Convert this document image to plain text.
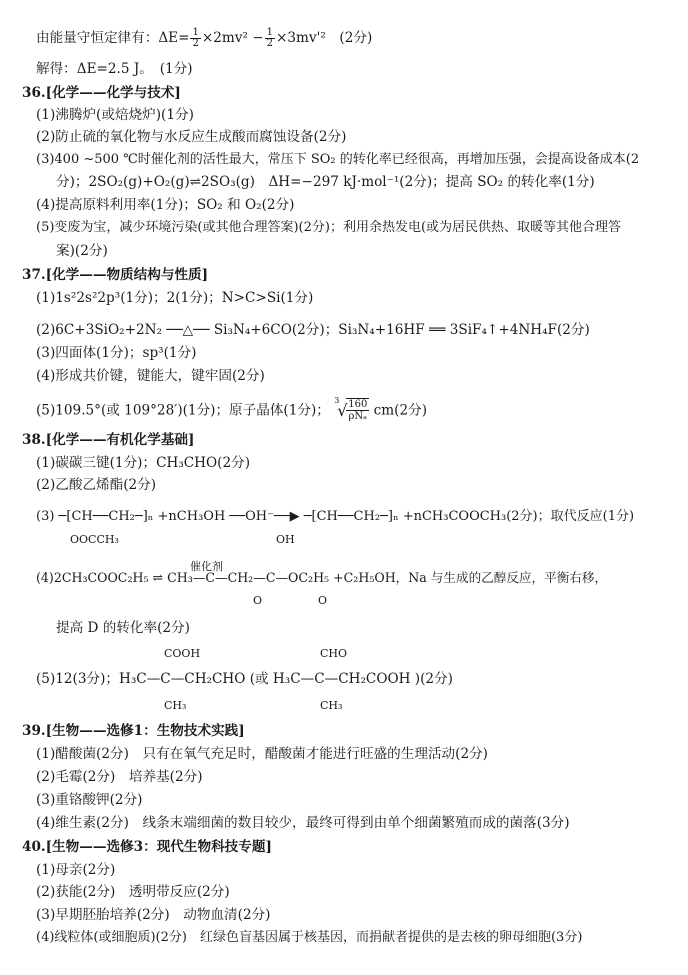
由能量守恒定律有：$\Delta E= \frac{1}{2} \times 2mv^2 - \frac{1}{2} \times 3mv'^2$　(2分)
解得：ΔE=2.5 J。　(1分)
36.[化学——化学与技术]
(1)沸腾炉(或焙烧炉)(1分)
(2)防止硫的氧化物与水反应生成酸而腐蚀设备(2分)
(3)400 ~500 ℃时催化剂的活性最大，常压下 SO₂ 的转化率已经很高，再增加压强，会提高设备成本(2
分)；2SO₂(g)+O₂(g)⇌2SO₃(g)　ΔH=−297 kJ·mol⁻¹(2分)；提高 SO₂ 的转化率(1分)
(4)提高原料利用率(1分)；SO₂ 和 O₂(2分)
(5)变废为宝，减少环境污染(或其他合理答案)(2分)；利用余热发电(或为居民供热、取暖等其他合理答
案)(2分)
37.[化学——物质结构与性质]
(1)1s²2s²2p³(1分)；2(1分)；N>C>Si(1分)
(2)6C+3SiO₂+2N₂ ──△── Si₃N₄+6CO(2分)；Si₃N₄+16HF ══ 3SiF₄↑+4NH₄F(2分)
(3)四面体(1分)；sp³(1分)
(4)形成共价键，键能大，键牢固(2分)
(5)109.5°(或 109°28′)(1分)；原子晶体(1分)；
3
√ 160
ρNₐ cm(2分)
38.[化学——有机化学基础]
(1)碳碳三键(1分)；CH₃CHO(2分)
(2)乙酸乙烯酯(2分)
(3) ─[CH──CH₂─]ₙ +nCH₃OH ──OH⁻──▶ ─[CH──CH₂─]ₙ +nCH₃COOCH₃(2分)；取代反应(1分)
OOCCH₃	OH
催化剂
(4)2CH₃COOC₂H₅ ⇌ CH₃—C—CH₂—C—OC₂H₅ +C₂H₅OH，Na 与生成的乙醇反应，平衡右移，
O	O
提高 D 的转化率(2分)
COOH	CHO
(5)12(3分)；H₃C—C—CH₂CHO (或 H₃C—C—CH₂COOH )(2分)
CH₃	CH₃
39.[生物——选修1：生物技术实践]
(1)醋酸菌(2分)　只有在氧气充足时，醋酸菌才能进行旺盛的生理活动(2分)
(2)毛霉(2分)　培养基(2分)
(3)重铬酸钾(2分)
(4)维生素(2分)　线条末端细菌的数目较少，最终可得到由单个细菌繁殖而成的菌落(3分)
40.[生物——选修3：现代生物科技专题]
(1)母亲(2分)
(2)获能(2分)　透明带反应(2分)
(3)早期胚胎培养(2分)　动物血清(2分)
(4)线粒体(或细胞质)(2分)　红绿色盲基因属于核基因，而捐献者提供的是去核的卵母细胞(3分)
